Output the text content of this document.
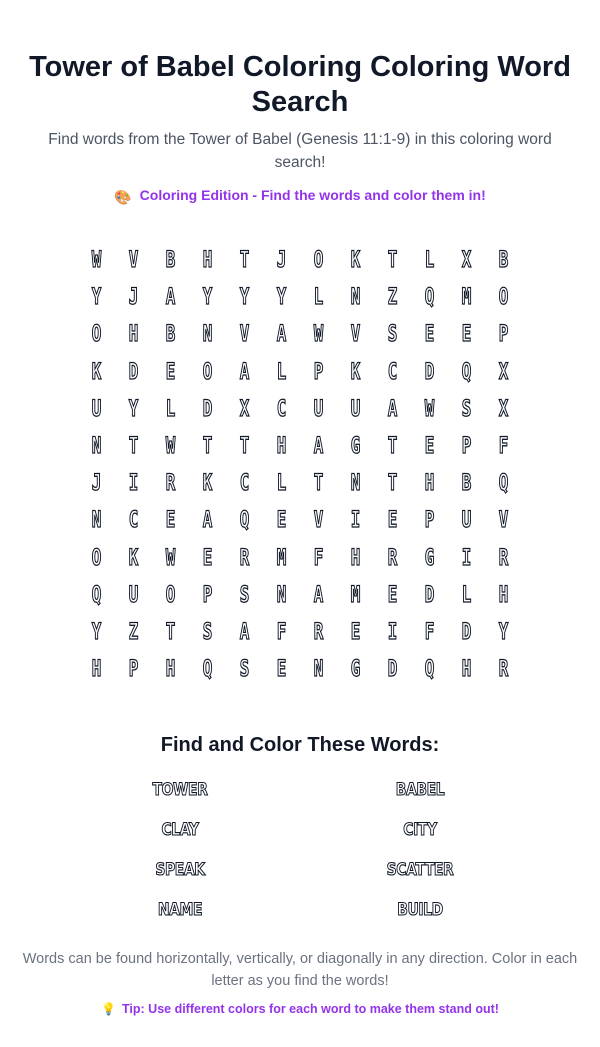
Tower of Babel Coloring Coloring Word Search

Find words from the Tower of Babel (Genesis 11:1-9) in this coloring word search!

🎨 Coloring Edition - Find the words and color them in!
W	V	B	H	T	J	O	K	T	L	X	B
Y	J	A	Y	Y	Y	L	N	Z	Q	M	O
O	H	B	N	V	A	W	V	S	E	E	P
K	D	E	O	A	L	P	K	C	D	Q	X
U	Y	L	D	X	C	U	U	A	W	S	X
N	T	W	T	T	H	A	G	T	E	P	F
J	I	R	K	C	L	T	N	T	H	B	Q
N	C	E	A	Q	E	V	I	E	P	U	V
O	K	W	E	R	M	F	H	R	G	I	R
Q	U	O	P	S	N	A	M	E	D	L	H
Y	Z	T	S	A	F	R	E	I	F	D	Y
H	P	H	Q	S	E	N	G	D	Q	H	R
Find and Color These Words:
TOWER	BABEL
CLAY	CITY
SPEAK	SCATTER
NAME	BUILD

Words can be found horizontally, vertically, or diagonally in any direction. Color in each letter as you find the words!

💡 Tip: Use different colors for each word to make them stand out!
